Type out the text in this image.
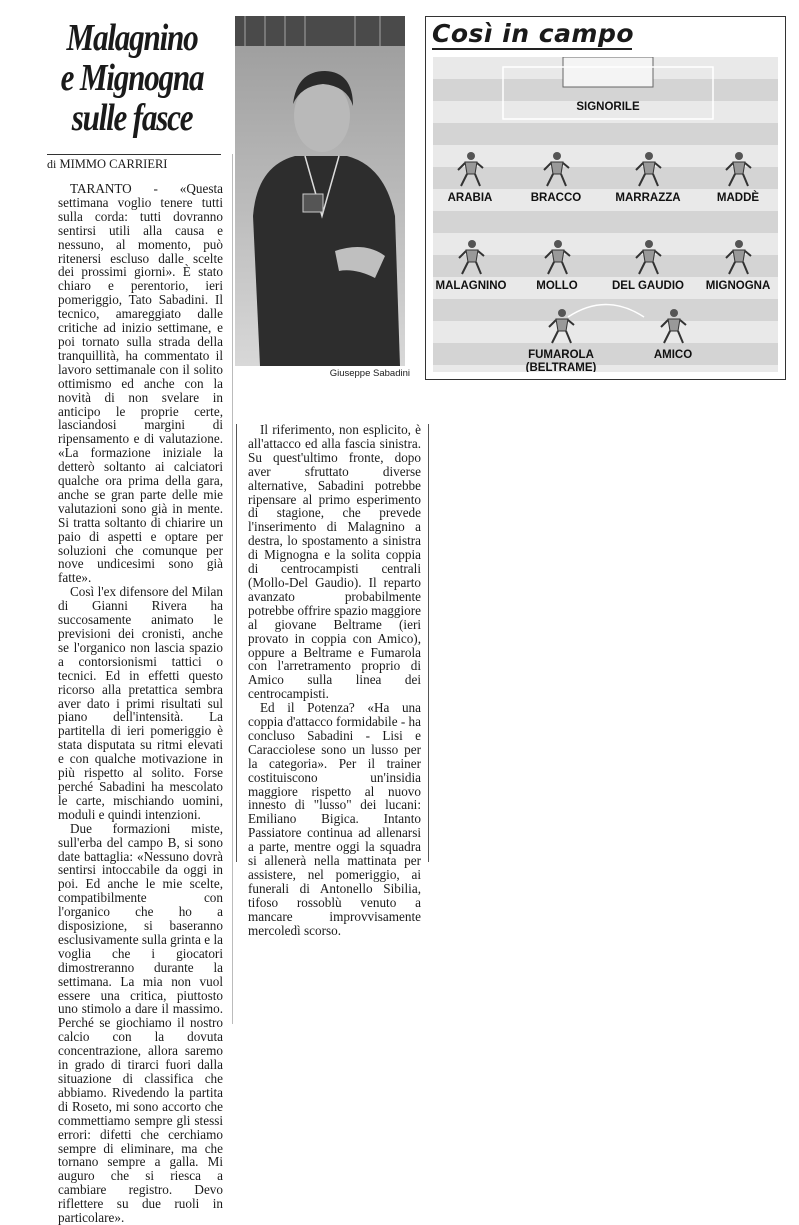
Malagnino
e Mignogna
sulle fasce
di MIMMO CARRIERI
Giuseppe Sabadini
Così in campo
SIGNORILE
ARABIA	BRACCO	MARRAZZA	MADDÈ
MALAGNINO	MOLLO	DEL GAUDIO	MIGNOGNA
FUMAROLA
(BELTRAME)
AMICO

TARANTO - «Questa settimana voglio tenere tutti sulla corda: tutti dovranno sentirsi utili alla causa e nessuno, al momento, può ritenersi escluso dalle scelte dei prossimi giorni». È stato chiaro e perentorio, ieri pomeriggio, Tato Sabadini. Il tecnico, amareggiato dalle critiche ad inizio settimane, e poi tornato sulla strada della tranquillità, ha commentato il lavoro settimanale con il solito ottimismo ed anche con la novità di non svelare in anticipo le proprie certe, lasciandosi margini di ripensamento e di valutazione. «La formazione iniziale la detterò soltanto ai calciatori qualche ora prima della gara, anche se gran parte delle mie valutazioni sono già in mente. Si tratta soltanto di chiarire un paio di aspetti e optare per soluzioni che comunque per nove undicesimi sono già fatte».

Così l'ex difensore del Milan di Gianni Rivera ha succosamente animato le previsioni dei cronisti, anche se l'organico non lascia spazio a contorsionismi tattici o tecnici. Ed in effetti questo ricorso alla pretattica sembra aver dato i primi risultati sul piano dell'intensità. La partitella di ieri pomeriggio è stata disputata su ritmi elevati e con qualche motivazione in più rispetto al solito. Forse perché Sabadini ha mescolato le carte, mischiando uomini, moduli e quindi intenzioni.

Due formazioni miste, sull'erba del campo B, si sono date battaglia: «Nessuno dovrà sentirsi intoccabile da oggi in poi. Ed anche le mie scelte, compatibilmente con l'organico che ho a disposizione, si baseranno esclusivamente sulla grinta e la voglia che i giocatori dimostreranno durante la settimana. La mia non vuol essere una critica, piuttosto uno stimolo a dare il massimo. Perché se giochiamo il nostro calcio con la dovuta concentrazione, allora saremo in grado di tirarci fuori dalla situazione di classifica che abbiamo. Rivedendo la partita di Roseto, mi sono accorto che commettiamo sempre gli stessi errori: difetti che cerchiamo sempre di eliminare, ma che tornano sempre a galla. Mi auguro che si riesca a cambiare registro. Devo riflettere su due ruoli in particolare».

Il riferimento, non esplicito, è all'attacco ed alla fascia sinistra. Su quest'ultimo fronte, dopo aver sfruttato diverse alternative, Sabadini potrebbe ripensare al primo esperimento di stagione, che prevede l'inserimento di Malagnino a destra, lo spostamento a sinistra di Mignogna e la solita coppia di centrocampisti centrali (Mollo-Del Gaudio). Il reparto avanzato probabilmente potrebbe offrire spazio maggiore al giovane Beltrame (ieri provato in coppia con Amico), oppure a Beltrame e Fumarola con l'arretramento proprio di Amico sulla linea dei centrocampisti.

Ed il Potenza? «Ha una coppia d'attacco formidabile - ha concluso Sabadini - Lisi e Caracciolese sono un lusso per la categoria». Per il trainer costituiscono un'insidia maggiore rispetto al nuovo innesto di "lusso" dei lucani: Emiliano Bigica. Intanto Passiatore continua ad allenarsi a parte, mentre oggi la squadra si allenerà nella mattinata per assistere, nel pomeriggio, ai funerali di Antonello Sibilia, tifoso rossoblù venuto a mancare improvvisamente mercoledì scorso.
